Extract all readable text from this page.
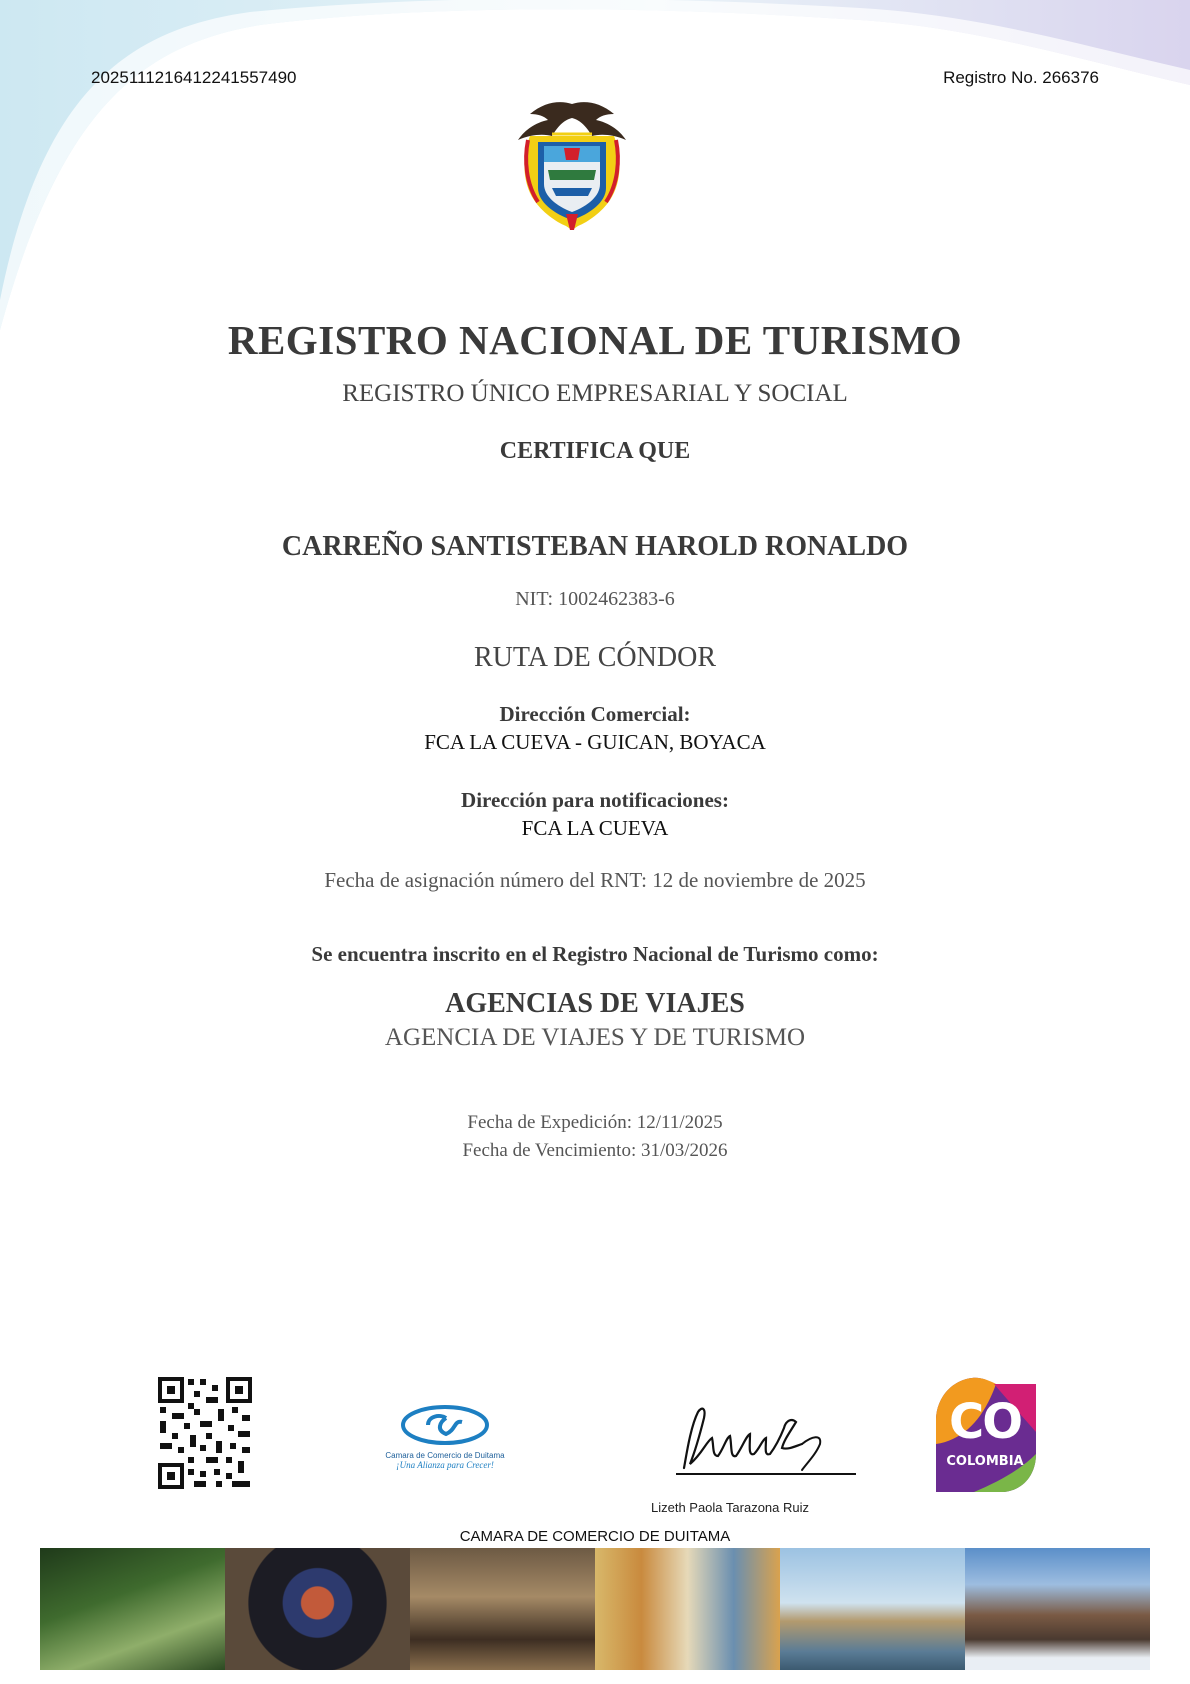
2025111216412241557490	Registro No. 266376
REGISTRO NACIONAL DE TURISMO
REGISTRO ÚNICO EMPRESARIAL Y SOCIAL
CERTIFICA QUE
CARREÑO SANTISTEBAN HAROLD RONALDO
NIT: 1002462383-6
RUTA DE CÓNDOR
Dirección Comercial:
FCA LA CUEVA - GUICAN, BOYACA
Dirección para notificaciones:
FCA LA CUEVA
Fecha de asignación número del RNT: 12 de noviembre de 2025
Se encuentra inscrito en el Registro Nacional de Turismo como:
AGENCIAS DE VIAJES
AGENCIA DE VIAJES Y DE TURISMO
Fecha de Expedición: 12/11/2025
Fecha de Vencimiento: 31/03/2026
Camara de Comercio de Duitama
¡Una Alianza para Crecer!
Lizeth Paola Tarazona Ruiz
CAMARA DE COMERCIO DE DUITAMA
CO
COLOMBIA
